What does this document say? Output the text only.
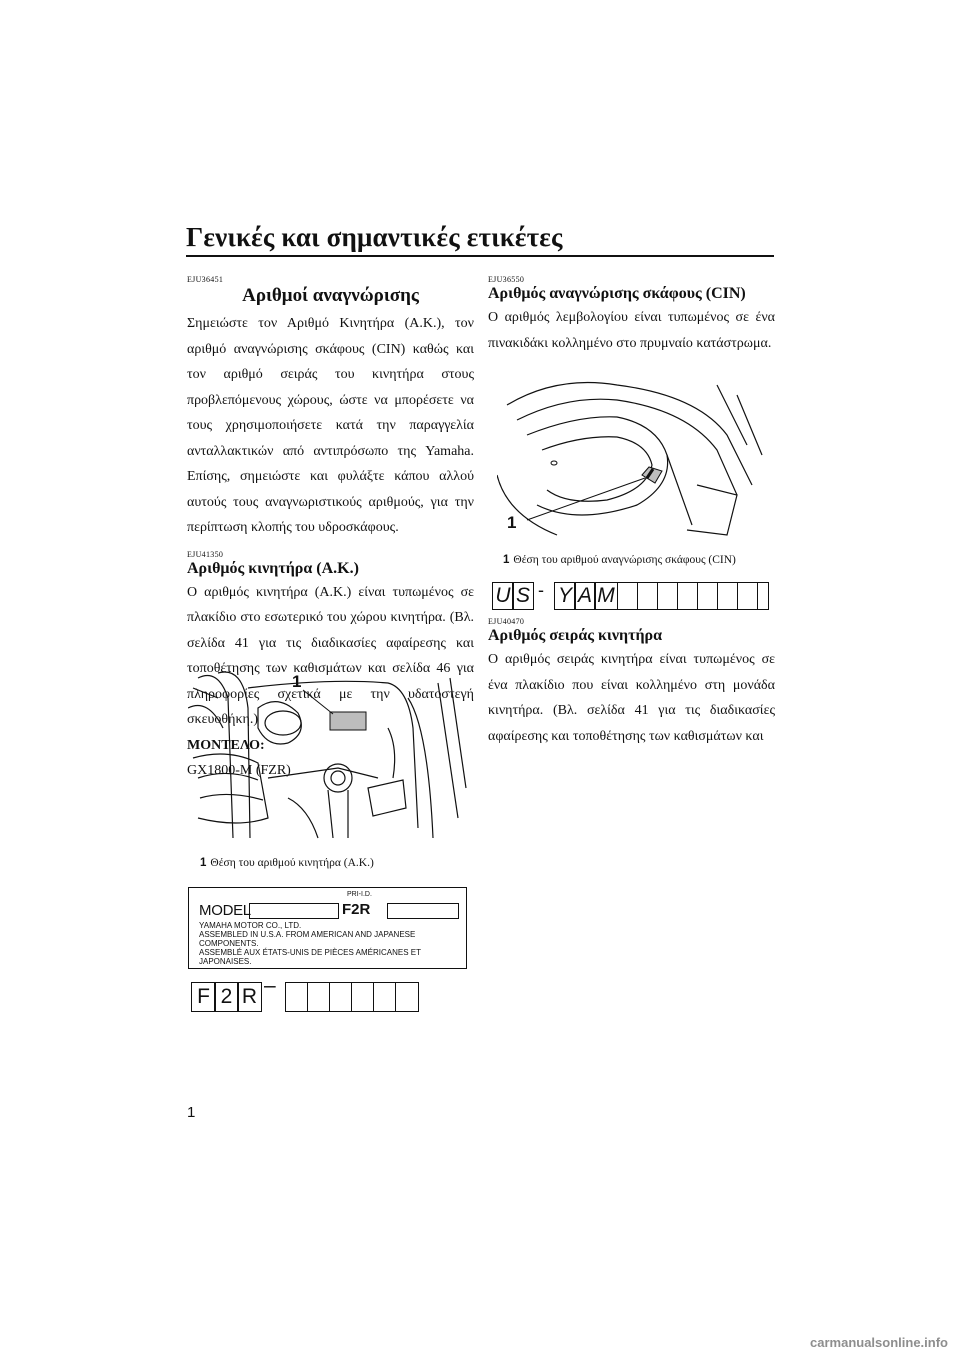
Γενικές και σημαντικές ετικέτες

EJU36451

Αριθμοί αναγνώρισης

Σημειώστε τον Αριθμό Κινητήρα (Α.Κ.), τον αριθμό αναγνώρισης σκάφους (CIN) καθώς και τον αριθμό σειράς του κινητήρα στους προβλεπόμενους χώρους, ώστε να μπορέσετε να τους χρησιμοποιήσετε κατά την παραγγελία ανταλλακτικών από αντιπρόσωπο της Yamaha. Επίσης, σημειώστε και φυλάξτε κάπου αλλού αυτούς τους αναγνωριστικούς αριθμούς, για την περίπτωση κλοπής του υδροσκάφους.

EJU41350

Αριθμός κινητήρα (Α.Κ.)

Ο αριθμός κινητήρα (Α.Κ.) είναι τυπωμένος σε πλακίδιο στο εσωτερικό του χώρου κινητήρα. (Βλ. σελίδα 41 για τις διαδικασίες αφαίρεσης και τοποθέτησης των καθισμάτων και σελίδα 46 για πληροφορίες σχετικά με την υδατοστεγή σκευοθήκη.)

ΜΟΝΤΕΛΟ:

GX1800-M (FZR)

1

1 Θέση του αριθμού κινητήρα (Α.Κ.)

MODEL
PRI-I.D.
F2R
YAMAHA MOTOR CO., LTD.
ASSEMBLED IN U.S.A. FROM AMERICAN AND JAPANESE
COMPONENTS.
ASSEMBLÉ AUX ÉTATS-UNIS DE PIÈCES AMÉRICANES ET
JAPONAISES.
F 2 R –

EJU36550

Αριθμός αναγνώρισης σκάφους (CIN)

Ο αριθμός λεμβολογίου είναι τυπωμένος σε ένα πινακιδάκι κολλημένο στο πρυμναίο κατάστρωμα.

1

1 Θέση του αριθμού αναγνώρισης σκάφους (CIN)

U S - Y A M

EJU40470

Αριθμός σειράς κινητήρα

Ο αριθμός σειράς κινητήρα είναι τυπωμένος σε ένα πλακίδιο που είναι κολλημένο στη μονάδα κινητήρα. (Βλ. σελίδα 41 για τις διαδικασίες αφαίρεσης και τοποθέτησης των καθισμάτων και

1
carmanualsonline.info
